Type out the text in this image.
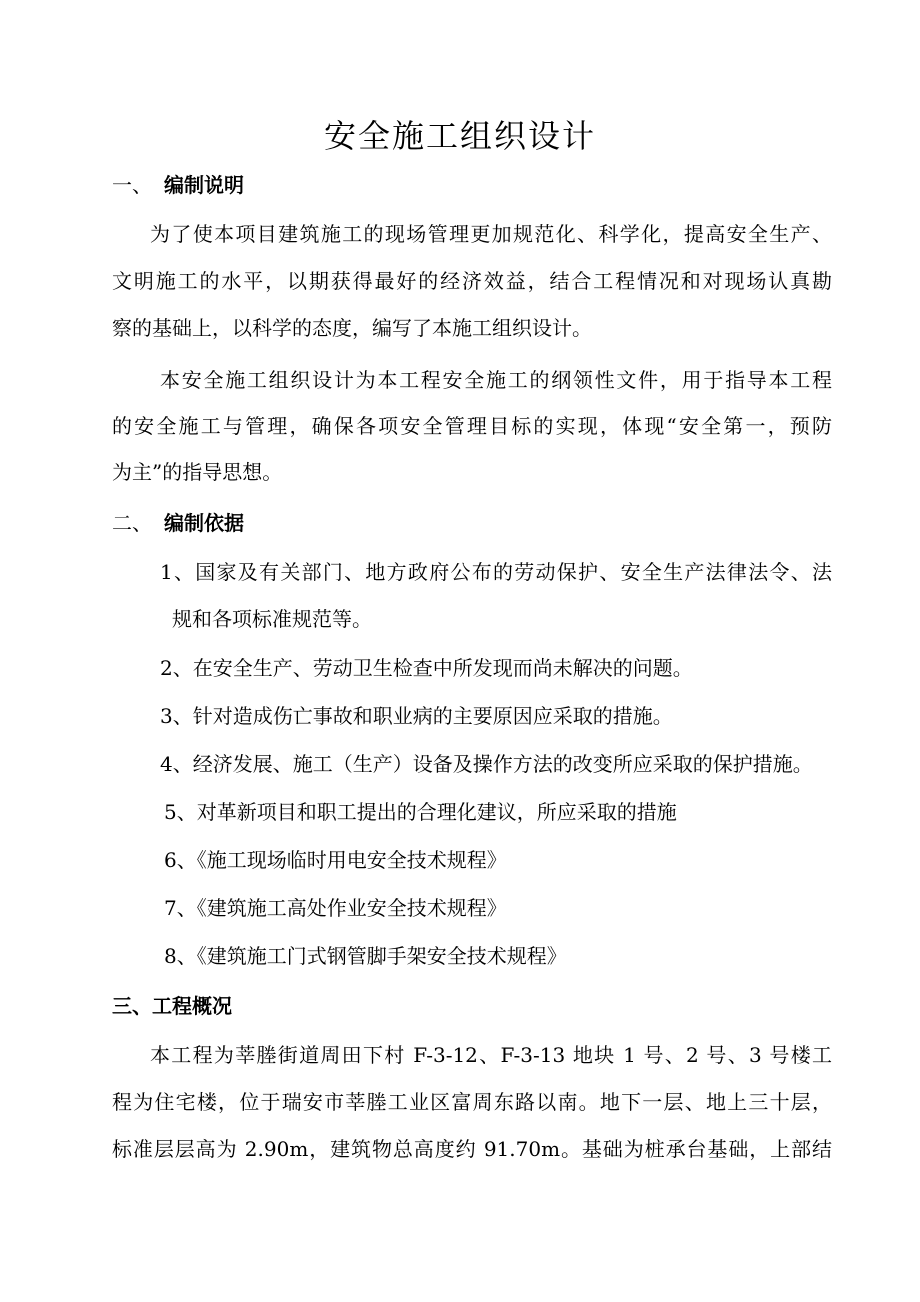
安全施工组织设计
一、 编制说明
为了使本项目建筑施工的现场管理更加规范化、科学化，提高安全生产、
文明施工的水平，以期获得最好的经济效益，结合工程情况和对现场认真勘
察的基础上，以科学的态度，编写了本施工组织设计。
本安全施工组织设计为本工程安全施工的纲领性文件，用于指导本工程
的安全施工与管理，确保各项安全管理目标的实现，体现“安全第一，预防
为主”的指导思想。
二、 编制依据
1、国家及有关部门、地方政府公布的劳动保护、安全生产法律法令、法
规和各项标准规范等。
2、在安全生产、劳动卫生检查中所发现而尚未解决的问题。
3、针对造成伤亡事故和职业病的主要原因应采取的措施。
4、经济发展、施工（生产）设备及操作方法的改变所应采取的保护措施。
5、对革新项目和职工提出的合理化建议，所应采取的措施
6、《施工现场临时用电安全技术规程》
7、《建筑施工高处作业安全技术规程》
8、《建筑施工门式钢管脚手架安全技术规程》
三、工程概况
本工程为莘塍街道周田下村 F-3-12、F-3-13 地块 1 号、2 号、3 号楼工
程为住宅楼，位于瑞安市莘塍工业区富周东路以南。地下一层、地上三十层，
标准层层高为 2.90m，建筑物总高度约 91.70m。基础为桩承台基础，上部结
